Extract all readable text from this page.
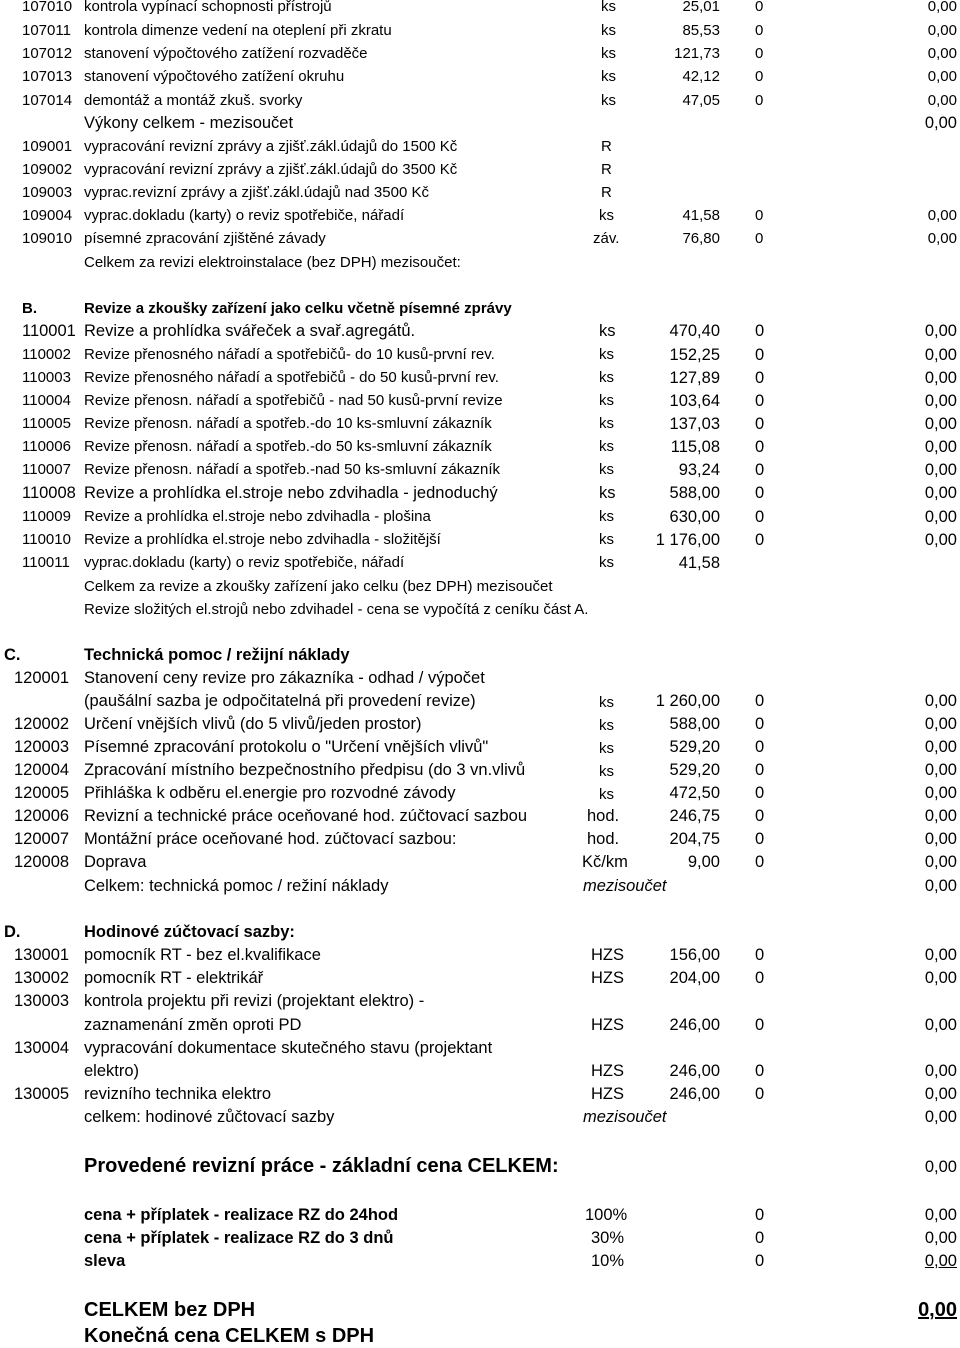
107010 kontrola vypínací schopnosti přístrojů	ks	25,01 0	0,00
107011 kontrola dimenze vedení na oteplení při zkratu	ks	85,53 0	0,00
107012 stanovení výpočtového zatížení rozvaděče	ks	121,73 0	0,00
107013 stanovení výpočtového zatížení okruhu	ks	42,12 0	0,00
107014 demontáž a montáž zkuš. svorky	ks	47,05 0	0,00
Výkony celkem - mezisoučet	0,00
109001 vypracování revizní zprávy a zjišť.zákl.údajů do 1500 Kč	R
109002 vypracování revizní zprávy a zjišť.zákl.údajů do 3500 Kč	R
109003 vyprac.revizní zprávy a zjišť.zákl.údajů nad 3500 Kč	R
109004 vyprac.dokladu (karty) o reviz spotřebiče, nářadí	ks	41,58 0	0,00
109010 písemné zpracování zjištěné závady	záv.	76,80 0	0,00
Celkem za revizi elektroinstalace (bez DPH) mezisoučet:
B.	Revize a zkoušky zařízení jako celku včetně písemné zprávy
110001 Revize a prohlídka svářeček a svař.agregátů.	ks	470,40 0	0,00
110002 Revize přenosného nářadí a spotřebičů- do 10 kusů-první rev.	ks	152,25 0	0,00
110003 Revize přenosného nářadí a spotřebičů - do 50 kusů-první rev.	ks	127,89 0	0,00
110004 Revize přenosn. nářadí a spotřebičů - nad 50 kusů-první revize	ks	103,64 0	0,00
110005 Revize přenosn. nářadí a spotřeb.-do 10 ks-smluvní zákazník	ks	137,03 0	0,00
110006 Revize přenosn. nářadí a spotřeb.-do 50 ks-smluvní zákazník	ks	115,08 0	0,00
110007 Revize přenosn. nářadí a spotřeb.-nad 50 ks-smluvní zákazník	ks	93,24 0	0,00
110008 Revize a prohlídka el.stroje nebo zdvihadla - jednoduchý	ks	588,00 0	0,00
110009 Revize a prohlídka el.stroje nebo zdvihadla - plošina	ks	630,00 0	0,00
110010 Revize a prohlídka el.stroje nebo zdvihadla - složitější	ks	1 176,00 0	0,00
110011 vyprac.dokladu (karty) o reviz spotřebiče, nářadí	ks	41,58
Celkem za revize a zkoušky zařízení jako celku (bez DPH) mezisoučet
Revize složitých el.strojů nebo zdvihadel - cena se vypočítá z ceníku část A.
C.	Technická pomoc / režijní náklady
120001 Stanovení ceny revize pro zákazníka - odhad / výpočet
(paušální sazba je odpočitatelná při provedení revize)	ks	1 260,00 0	0,00
120002 Určení vnějších vlivů (do 5 vlivů/jeden prostor)	ks	588,00 0	0,00
120003 Písemné zpracování protokolu o "Určení vnějších vlivů"	ks	529,20 0	0,00
120004 Zpracování místního bezpečnostního předpisu (do 3 vn.vlivů	ks	529,20 0	0,00
120005 Přihláška k odběru el.energie pro rozvodné závody	ks	472,50 0	0,00
120006 Revizní a technické práce oceňované hod. zúčtovací sazbou	hod.	246,75 0	0,00
120007 Montážní práce oceňované hod. zúčtovací sazbou:	hod.	204,75 0	0,00
120008 Doprava	Kč/km	9,00 0	0,00
Celkem: technická pomoc / režiní náklady	mezisoučet	0,00
D.	Hodinové zúčtovací sazby:
130001 pomocník RT - bez el.kvalifikace	HZS	156,00 0	0,00
130002 pomocník RT - elektrikář	HZS	204,00 0	0,00
130003 kontrola projektu při revizi (projektant elektro) -
zaznamenání změn oproti PD	HZS	246,00 0	0,00
130004 vypracování dokumentace skutečného stavu (projektant
elektro)	HZS	246,00 0	0,00
130005 revizního technika elektro	HZS	246,00 0	0,00
celkem: hodinové zůčtovací sazby	mezisoučet	0,00
Provedené revizní práce - základní cena CELKEM:	0,00
cena + příplatek - realizace RZ do 24hod	100%	0	0,00
cena + příplatek - realizace RZ do 3 dnů	30%	0	0,00
sleva	10%	0	0,00
CELKEM bez DPH	0,00
Konečná cena CELKEM s DPH
